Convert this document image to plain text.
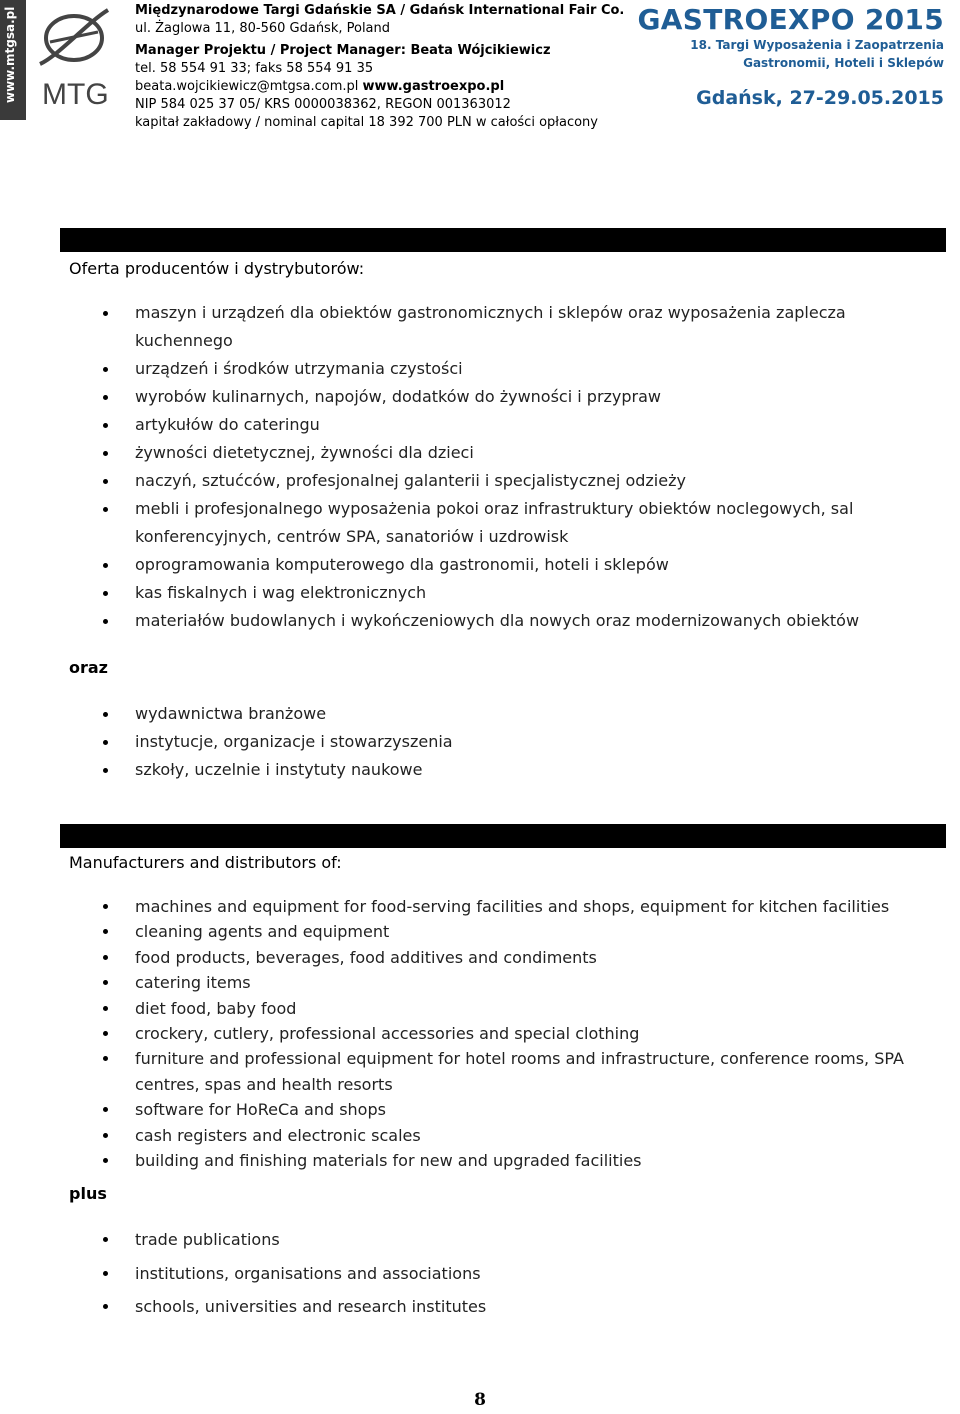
www.mtgsa.pl MTG
Międzynarodowe Targi Gdańskie SA / Gdańsk International Fair Co.
ul. Żaglowa 11, 80-560 Gdańsk, Poland
Manager Projektu / Project Manager: Beata Wójcikiewicz
tel. 58 554 91 33; faks 58 554 91 35
beata.wojcikiewicz@mtgsa.com.pl www.gastroexpo.pl
NIP 584 025 37 05/ KRS 0000038362, REGON 001363012
kapitał zakładowy / nominal capital 18 392 700 PLN w całości opłacony
GASTROEXPO 2015
18. Targi Wyposażenia i Zaopatrzenia
Gastronomii, Hoteli i Sklepów
Gdańsk, 27-29.05.2015
SPIS GRUP TOWAROWYCH
Oferta producentów i dystrybutorów:
maszyn i urządzeń dla obiektów gastronomicznych i sklepów oraz wyposażenia zaplecza kuchennego
urządzeń i środków utrzymania czystości
wyrobów kulinarnych, napojów, dodatków do żywności i przypraw
artykułów do cateringu
żywności dietetycznej, żywności dla dzieci
naczyń, sztućców, profesjonalnej galanterii i specjalistycznej odzieży
mebli i profesjonalnego wyposażenia pokoi oraz infrastruktury obiektów noclegowych, sal konferencyjnych, centrów SPA, sanatoriów i uzdrowisk
oprogramowania komputerowego dla gastronomii, hoteli i sklepów
kas fiskalnych i wag elektronicznych
materiałów budowlanych i wykończeniowych dla nowych oraz modernizowanych obiektów
oraz
wydawnictwa branżowe
instytucje, organizacje i stowarzyszenia
szkoły, uczelnie i instytuty naukowe
LIST OF BRANCH GROUPS
Manufacturers and distributors of:
machines and equipment for food-serving facilities and shops, equipment for kitchen facilities
cleaning agents and equipment
food products, beverages, food additives and condiments
catering items
diet food, baby food
crockery, cutlery, professional accessories and special clothing
furniture and professional equipment for hotel rooms and infrastructure, conference rooms, SPA centres, spas and health resorts
software for HoReCa and shops
cash registers and electronic scales
building and finishing materials for new and upgraded facilities
plus
trade publications
institutions, organisations and associations
schools, universities and research institutes
8
